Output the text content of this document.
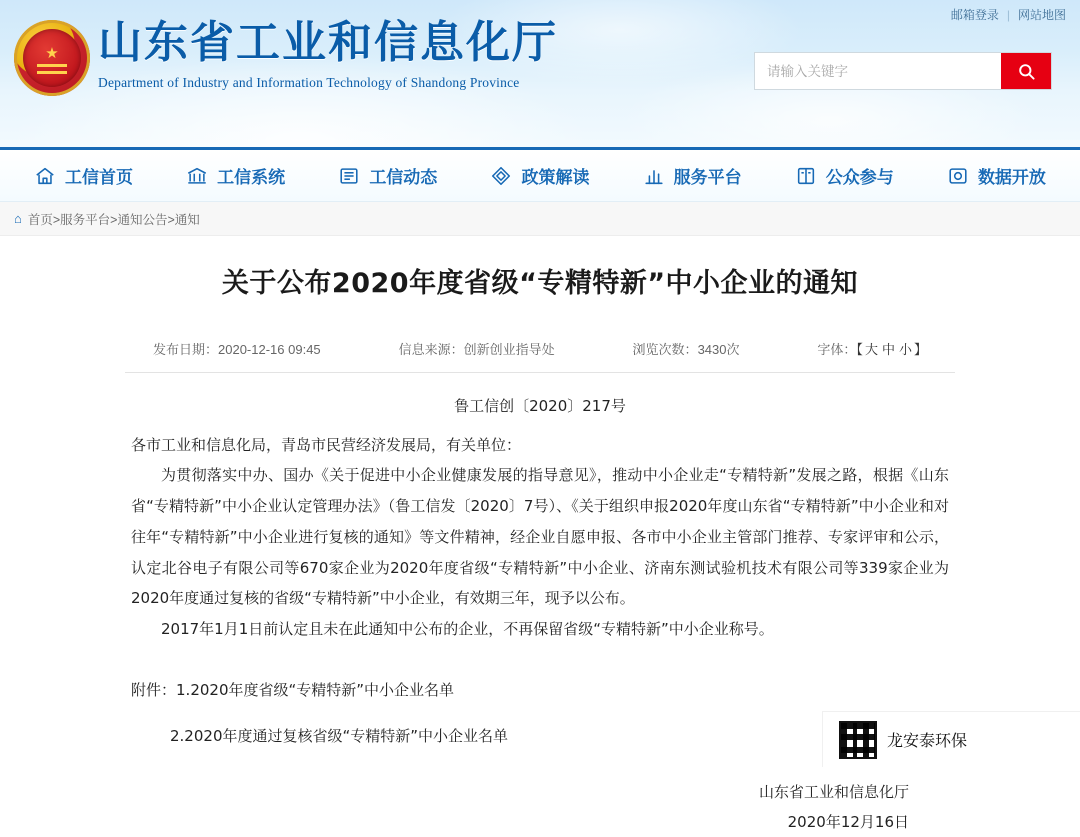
邮箱登录 | 网站地图
★ 山东省工业和信息化厅
Department of Industry and Information Technology of Shandong Province
请输入关键字
工信首页	工信系统	工信动态	政策解读	服务平台	公众参与	数据开放
⌂ 首页>服务平台>通知公告>通知
关于公布2020年度省级“专精特新”中小企业的通知
发布日期：2020-12-16 09:45	信息来源：创新创业指导处	浏览次数：3430次	字体：【 大 中 小 】
鲁工信创〔2020〕217号

各市工业和信息化局，青岛市民营经济发展局，有关单位：

为贯彻落实中办、国办《关于促进中小企业健康发展的指导意见》，推动中小企业走“专精特新”发展之路，根据《山东省“专精特新”中小企业认定管理办法》（鲁工信发〔2020〕7号）、《关于组织申报2020年度山东省“专精特新”中小企业和对往年“专精特新”中小企业进行复核的通知》等文件精神，经企业自愿申报、各市中小企业主管部门推荐、专家评审和公示，认定北谷电子有限公司等670家企业为2020年度省级“专精特新”中小企业、济南东测试验机技术有限公司等339家企业为2020年度通过复核的省级“专精特新”中小企业，有效期三年，现予以公布。

2017年1月1日前认定且未在此通知中公布的企业，不再保留省级“专精特新”中小企业称号。

附件：1.2020年度省级“专精特新”中小企业名单

2.2020年度通过复核省级“专精特新”中小企业名单

山东省工业和信息化厅
2020年12月16日
龙安泰环保
